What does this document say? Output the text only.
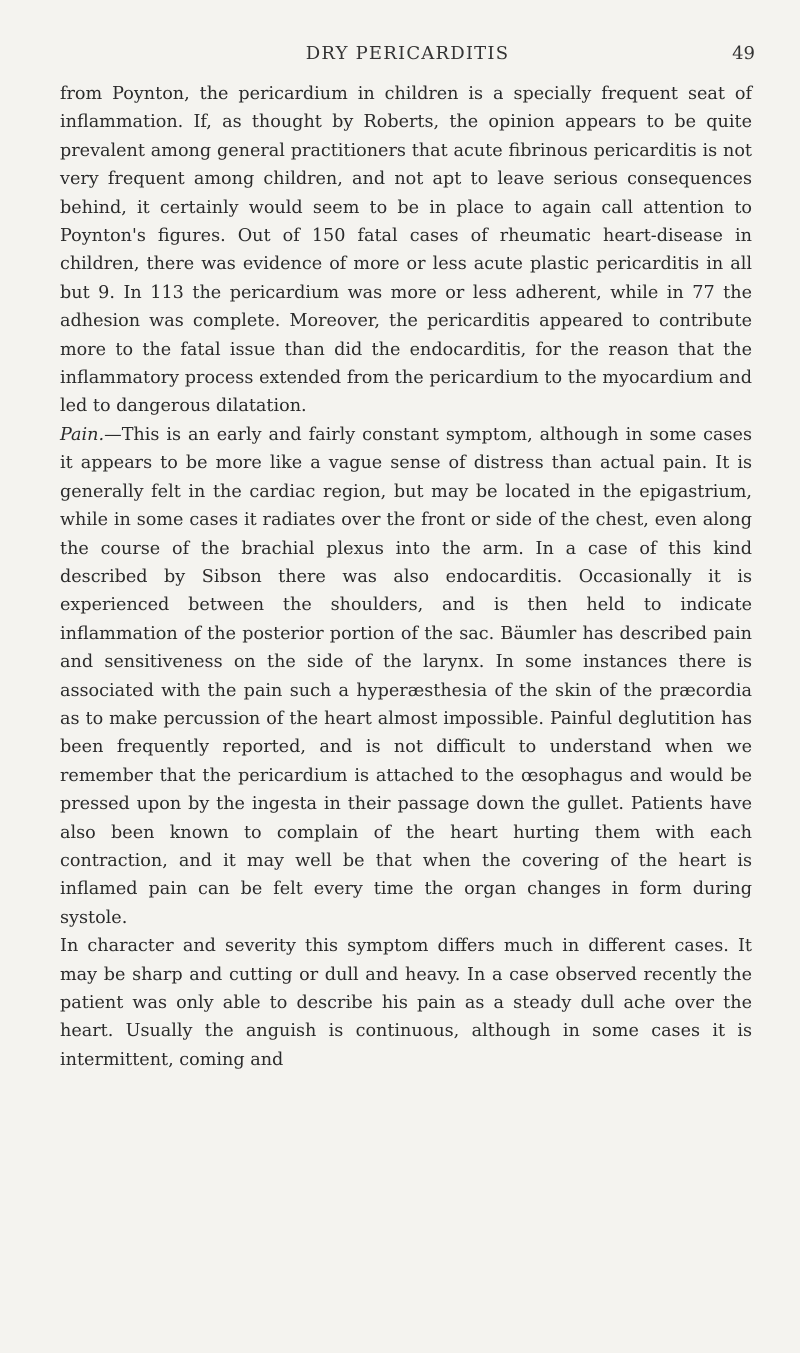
DRY PERICARDITIS	49

from Poynton, the pericardium in children is a specially frequent seat of inflammation. If, as thought by Roberts, the opinion appears to be quite prevalent among general practitioners that acute fibrinous pericarditis is not very frequent among children, and not apt to leave serious consequences behind, it certainly would seem to be in place to again call attention to Poynton's figures. Out of 150 fatal cases of rheumatic heart-disease in children, there was evidence of more or less acute plastic pericarditis in all but 9. In 113 the pericardium was more or less adherent, while in 77 the adhesion was complete. Moreover, the pericarditis appeared to contribute more to the fatal issue than did the endocarditis, for the reason that the inflammatory process extended from the pericardium to the myocardium and led to dangerous dilatation.

Pain.—This is an early and fairly constant symptom, although in some cases it appears to be more like a vague sense of distress than actual pain. It is generally felt in the cardiac region, but may be located in the epigastrium, while in some cases it radiates over the front or side of the chest, even along the course of the brachial plexus into the arm. In a case of this kind described by Sibson there was also endocarditis. Occasionally it is experienced between the shoulders, and is then held to indicate inflammation of the posterior portion of the sac. Bäumler has described pain and sensitiveness on the side of the larynx. In some instances there is associated with the pain such a hyperæsthesia of the skin of the præcordia as to make percussion of the heart almost impossible. Painful deglutition has been frequently reported, and is not difficult to understand when we remember that the pericardium is attached to the œsophagus and would be pressed upon by the ingesta in their passage down the gullet. Patients have also been known to complain of the heart hurting them with each contraction, and it may well be that when the covering of the heart is inflamed pain can be felt every time the organ changes in form during systole.

In character and severity this symptom differs much in different cases. It may be sharp and cutting or dull and heavy. In a case observed recently the patient was only able to describe his pain as a steady dull ache over the heart. Usually the anguish is continuous, although in some cases it is intermittent, coming and
